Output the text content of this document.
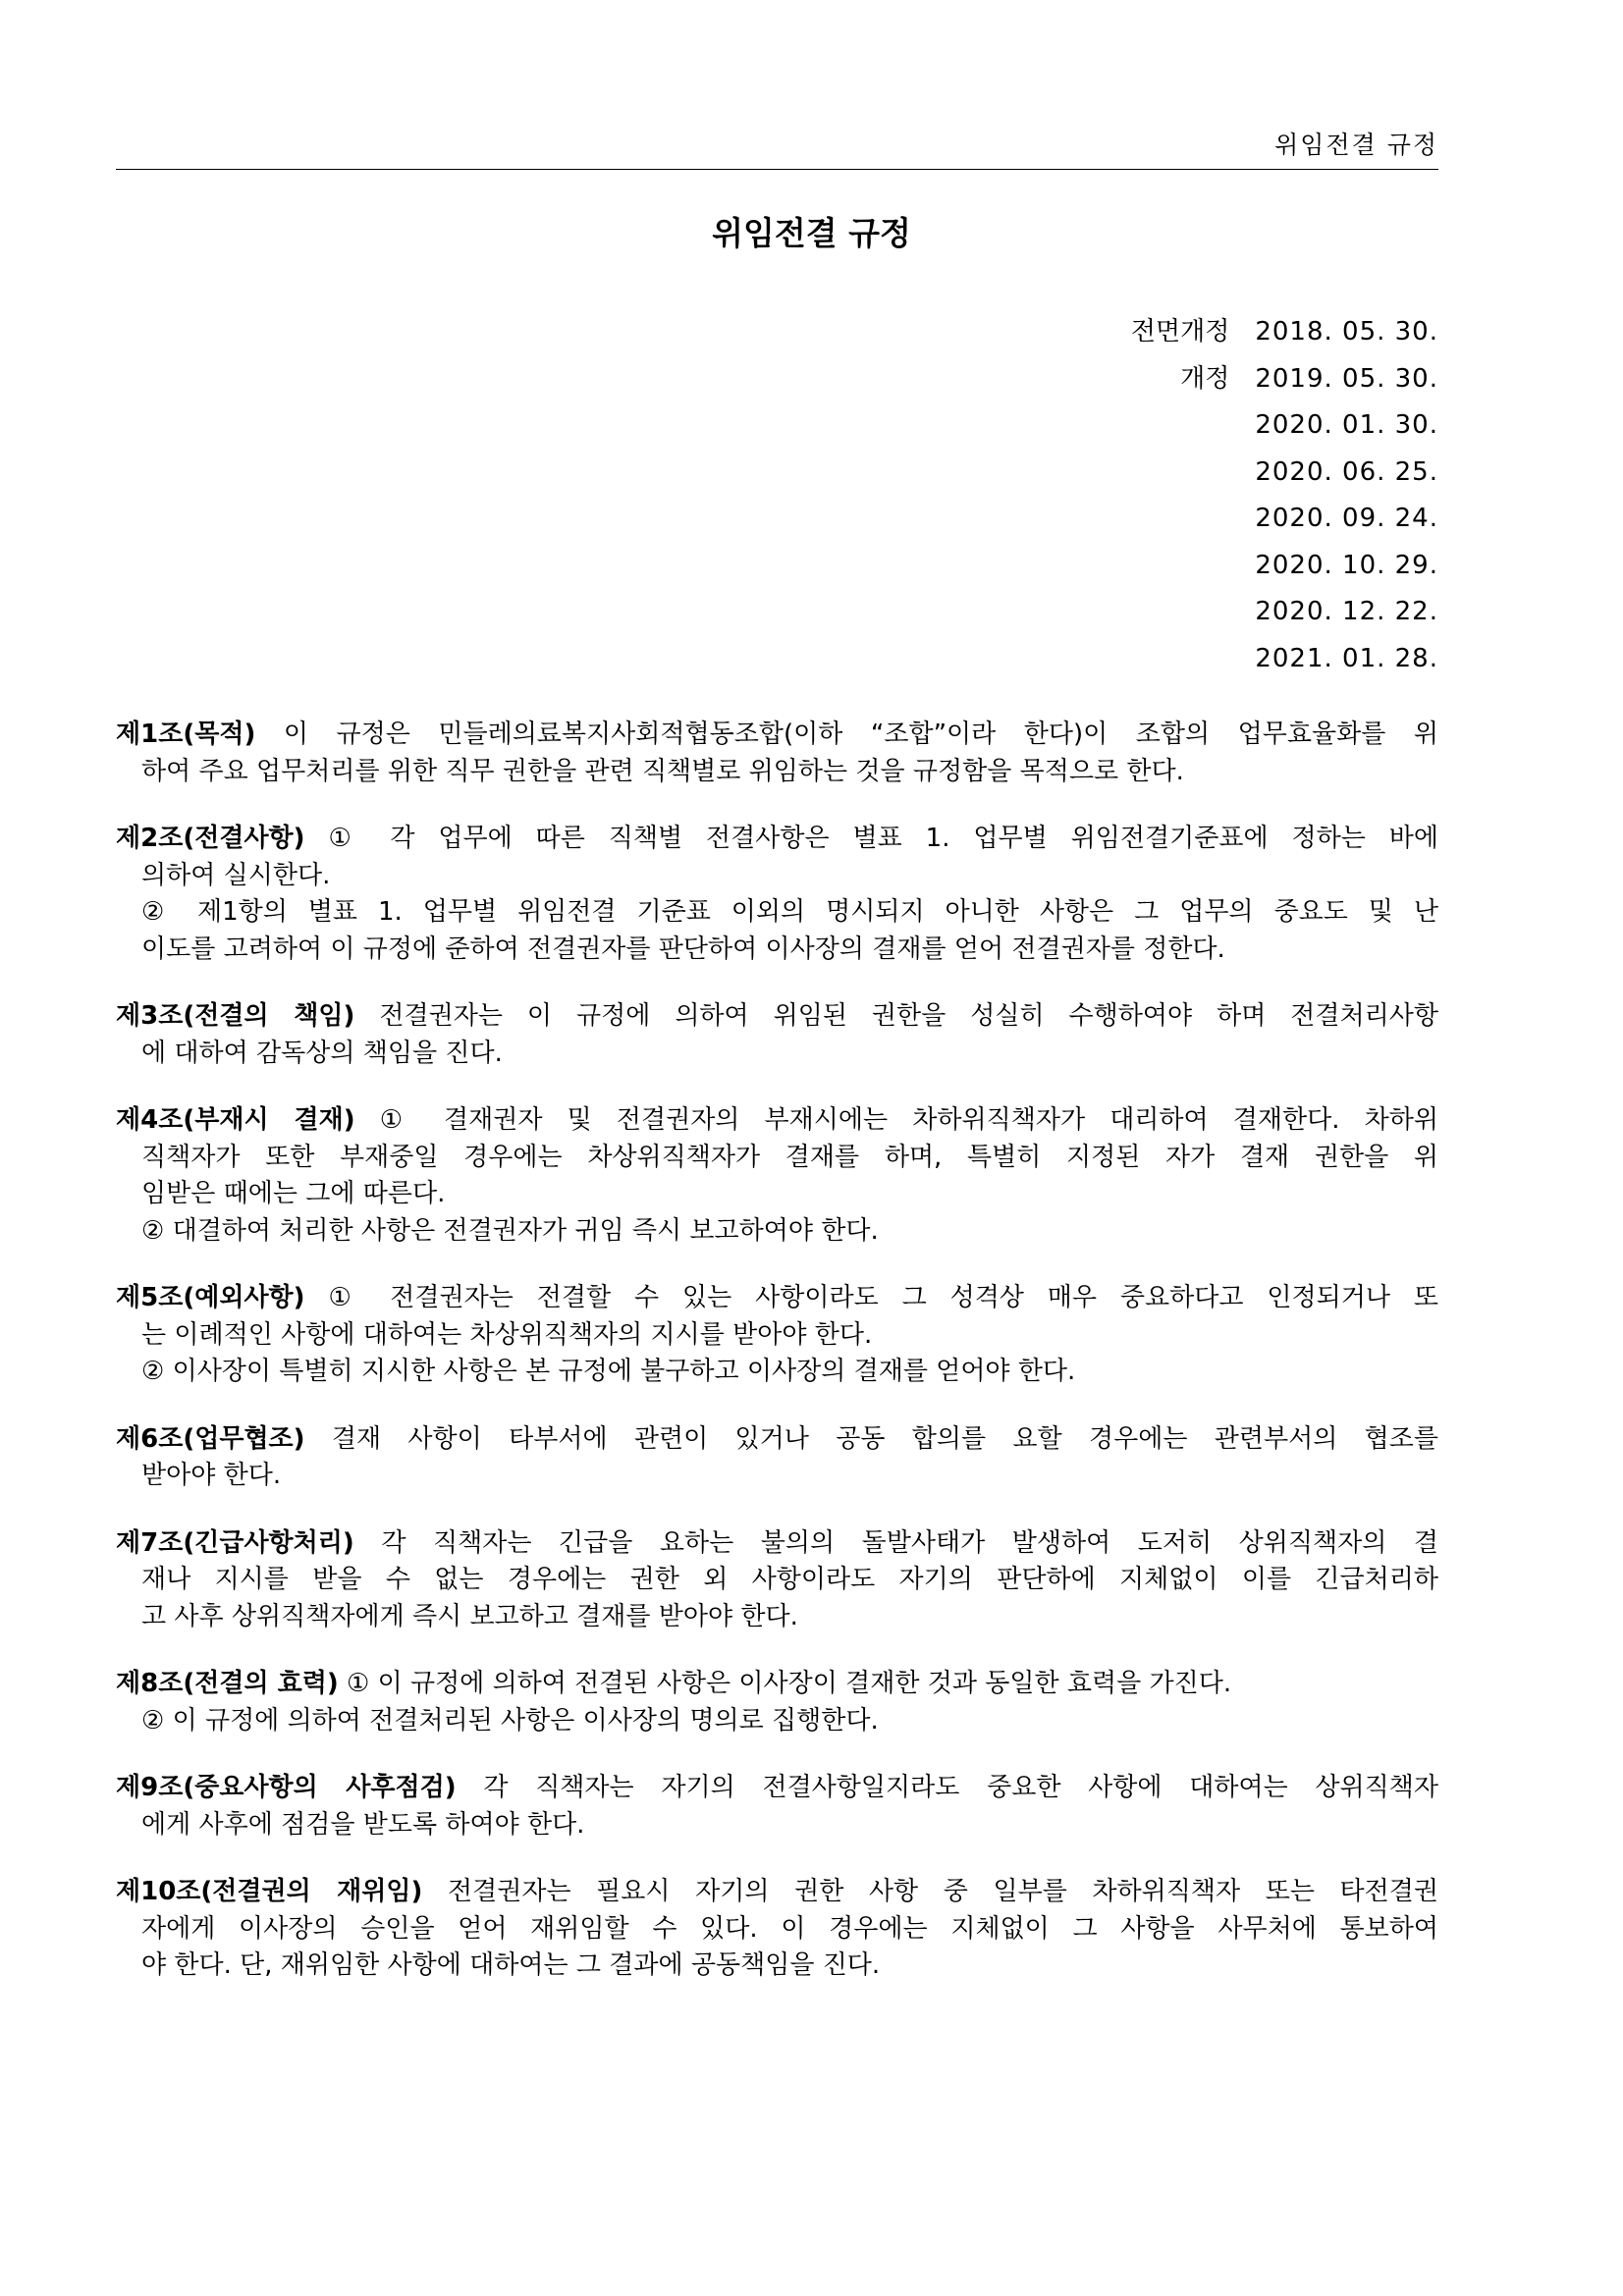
위임전결 규정
위임전결 규정
전면개정	2018. 05. 30.
개정	2019. 05. 30.
	2020. 01. 30.
	2020. 06. 25.
	2020. 09. 24.
	2020. 10. 29.
	2020. 12. 22.
	2021. 01. 28.
제1조(목적) 이 규정은 민들레의료복지사회적협동조합(이하 “조합”이라 한다)이 조합의 업무효율화를 위
하여 주요 업무처리를 위한 직무 권한을 관련 직책별로 위임하는 것을 규정함을 목적으로 한다.
제2조(전결사항) ① 각 업무에 따른 직책별 전결사항은 별표 1. 업무별 위임전결기준표에 정하는 바에
의하여 실시한다.
② 제1항의 별표 1. 업무별 위임전결 기준표 이외의 명시되지 아니한 사항은 그 업무의 중요도 및 난
이도를 고려하여 이 규정에 준하여 전결권자를 판단하여 이사장의 결재를 얻어 전결권자를 정한다.
제3조(전결의 책임) 전결권자는 이 규정에 의하여 위임된 권한을 성실히 수행하여야 하며 전결처리사항
에 대하여 감독상의 책임을 진다.
제4조(부재시 결재) ① 결재권자 및 전결권자의 부재시에는 차하위직책자가 대리하여 결재한다. 차하위
직책자가 또한 부재중일 경우에는 차상위직책자가 결재를 하며, 특별히 지정된 자가 결재 권한을 위
임받은 때에는 그에 따른다.
② 대결하여 처리한 사항은 전결권자가 귀임 즉시 보고하여야 한다.
제5조(예외사항) ① 전결권자는 전결할 수 있는 사항이라도 그 성격상 매우 중요하다고 인정되거나 또
는 이례적인 사항에 대하여는 차상위직책자의 지시를 받아야 한다.
② 이사장이 특별히 지시한 사항은 본 규정에 불구하고 이사장의 결재를 얻어야 한다.
제6조(업무협조) 결재 사항이 타부서에 관련이 있거나 공동 합의를 요할 경우에는 관련부서의 협조를
받아야 한다.
제7조(긴급사항처리) 각 직책자는 긴급을 요하는 불의의 돌발사태가 발생하여 도저히 상위직책자의 결
재나 지시를 받을 수 없는 경우에는 권한 외 사항이라도 자기의 판단하에 지체없이 이를 긴급처리하
고 사후 상위직책자에게 즉시 보고하고 결재를 받아야 한다.
제8조(전결의 효력) ① 이 규정에 의하여 전결된 사항은 이사장이 결재한 것과 동일한 효력을 가진다.
② 이 규정에 의하여 전결처리된 사항은 이사장의 명의로 집행한다.
제9조(중요사항의 사후점검) 각 직책자는 자기의 전결사항일지라도 중요한 사항에 대하여는 상위직책자
에게 사후에 점검을 받도록 하여야 한다.
제10조(전결권의 재위임) 전결권자는 필요시 자기의 권한 사항 중 일부를 차하위직책자 또는 타전결권
자에게 이사장의 승인을 얻어 재위임할 수 있다. 이 경우에는 지체없이 그 사항을 사무처에 통보하여
야 한다. 단, 재위임한 사항에 대하여는 그 결과에 공동책임을 진다.
